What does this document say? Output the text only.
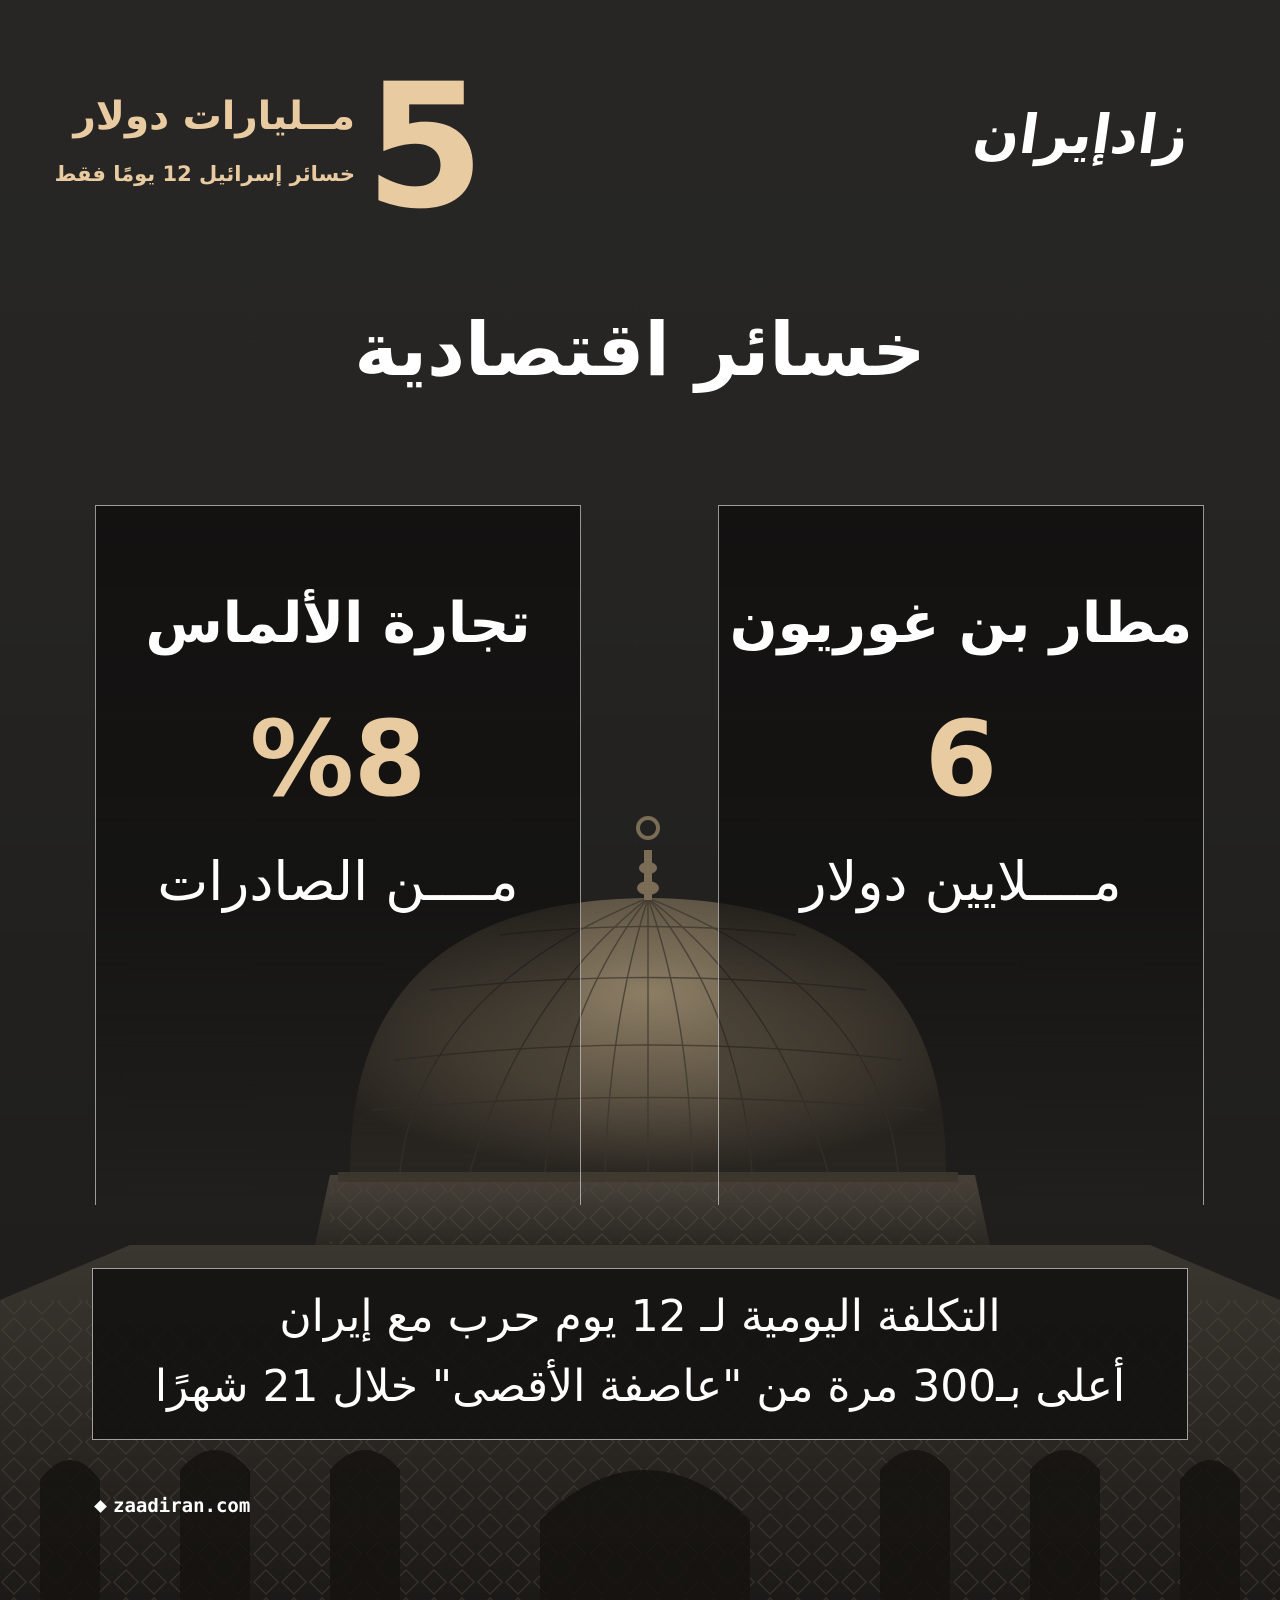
5
مــليارات دولار
خسائر إسرائيل 12 يومًا فقط
زادإيران
خسائر اقتصادية
مطار بن غوريون
6
مــــلايين دولار
تجارة الألماس
%8
مــــن الصادرات
التكلفة اليومية لـ 12 يوم حرب مع إيران
أعلى بـ300 مرة من "عاصفة الأقصى" خلال 21 شهرًا
zaadiran.com
